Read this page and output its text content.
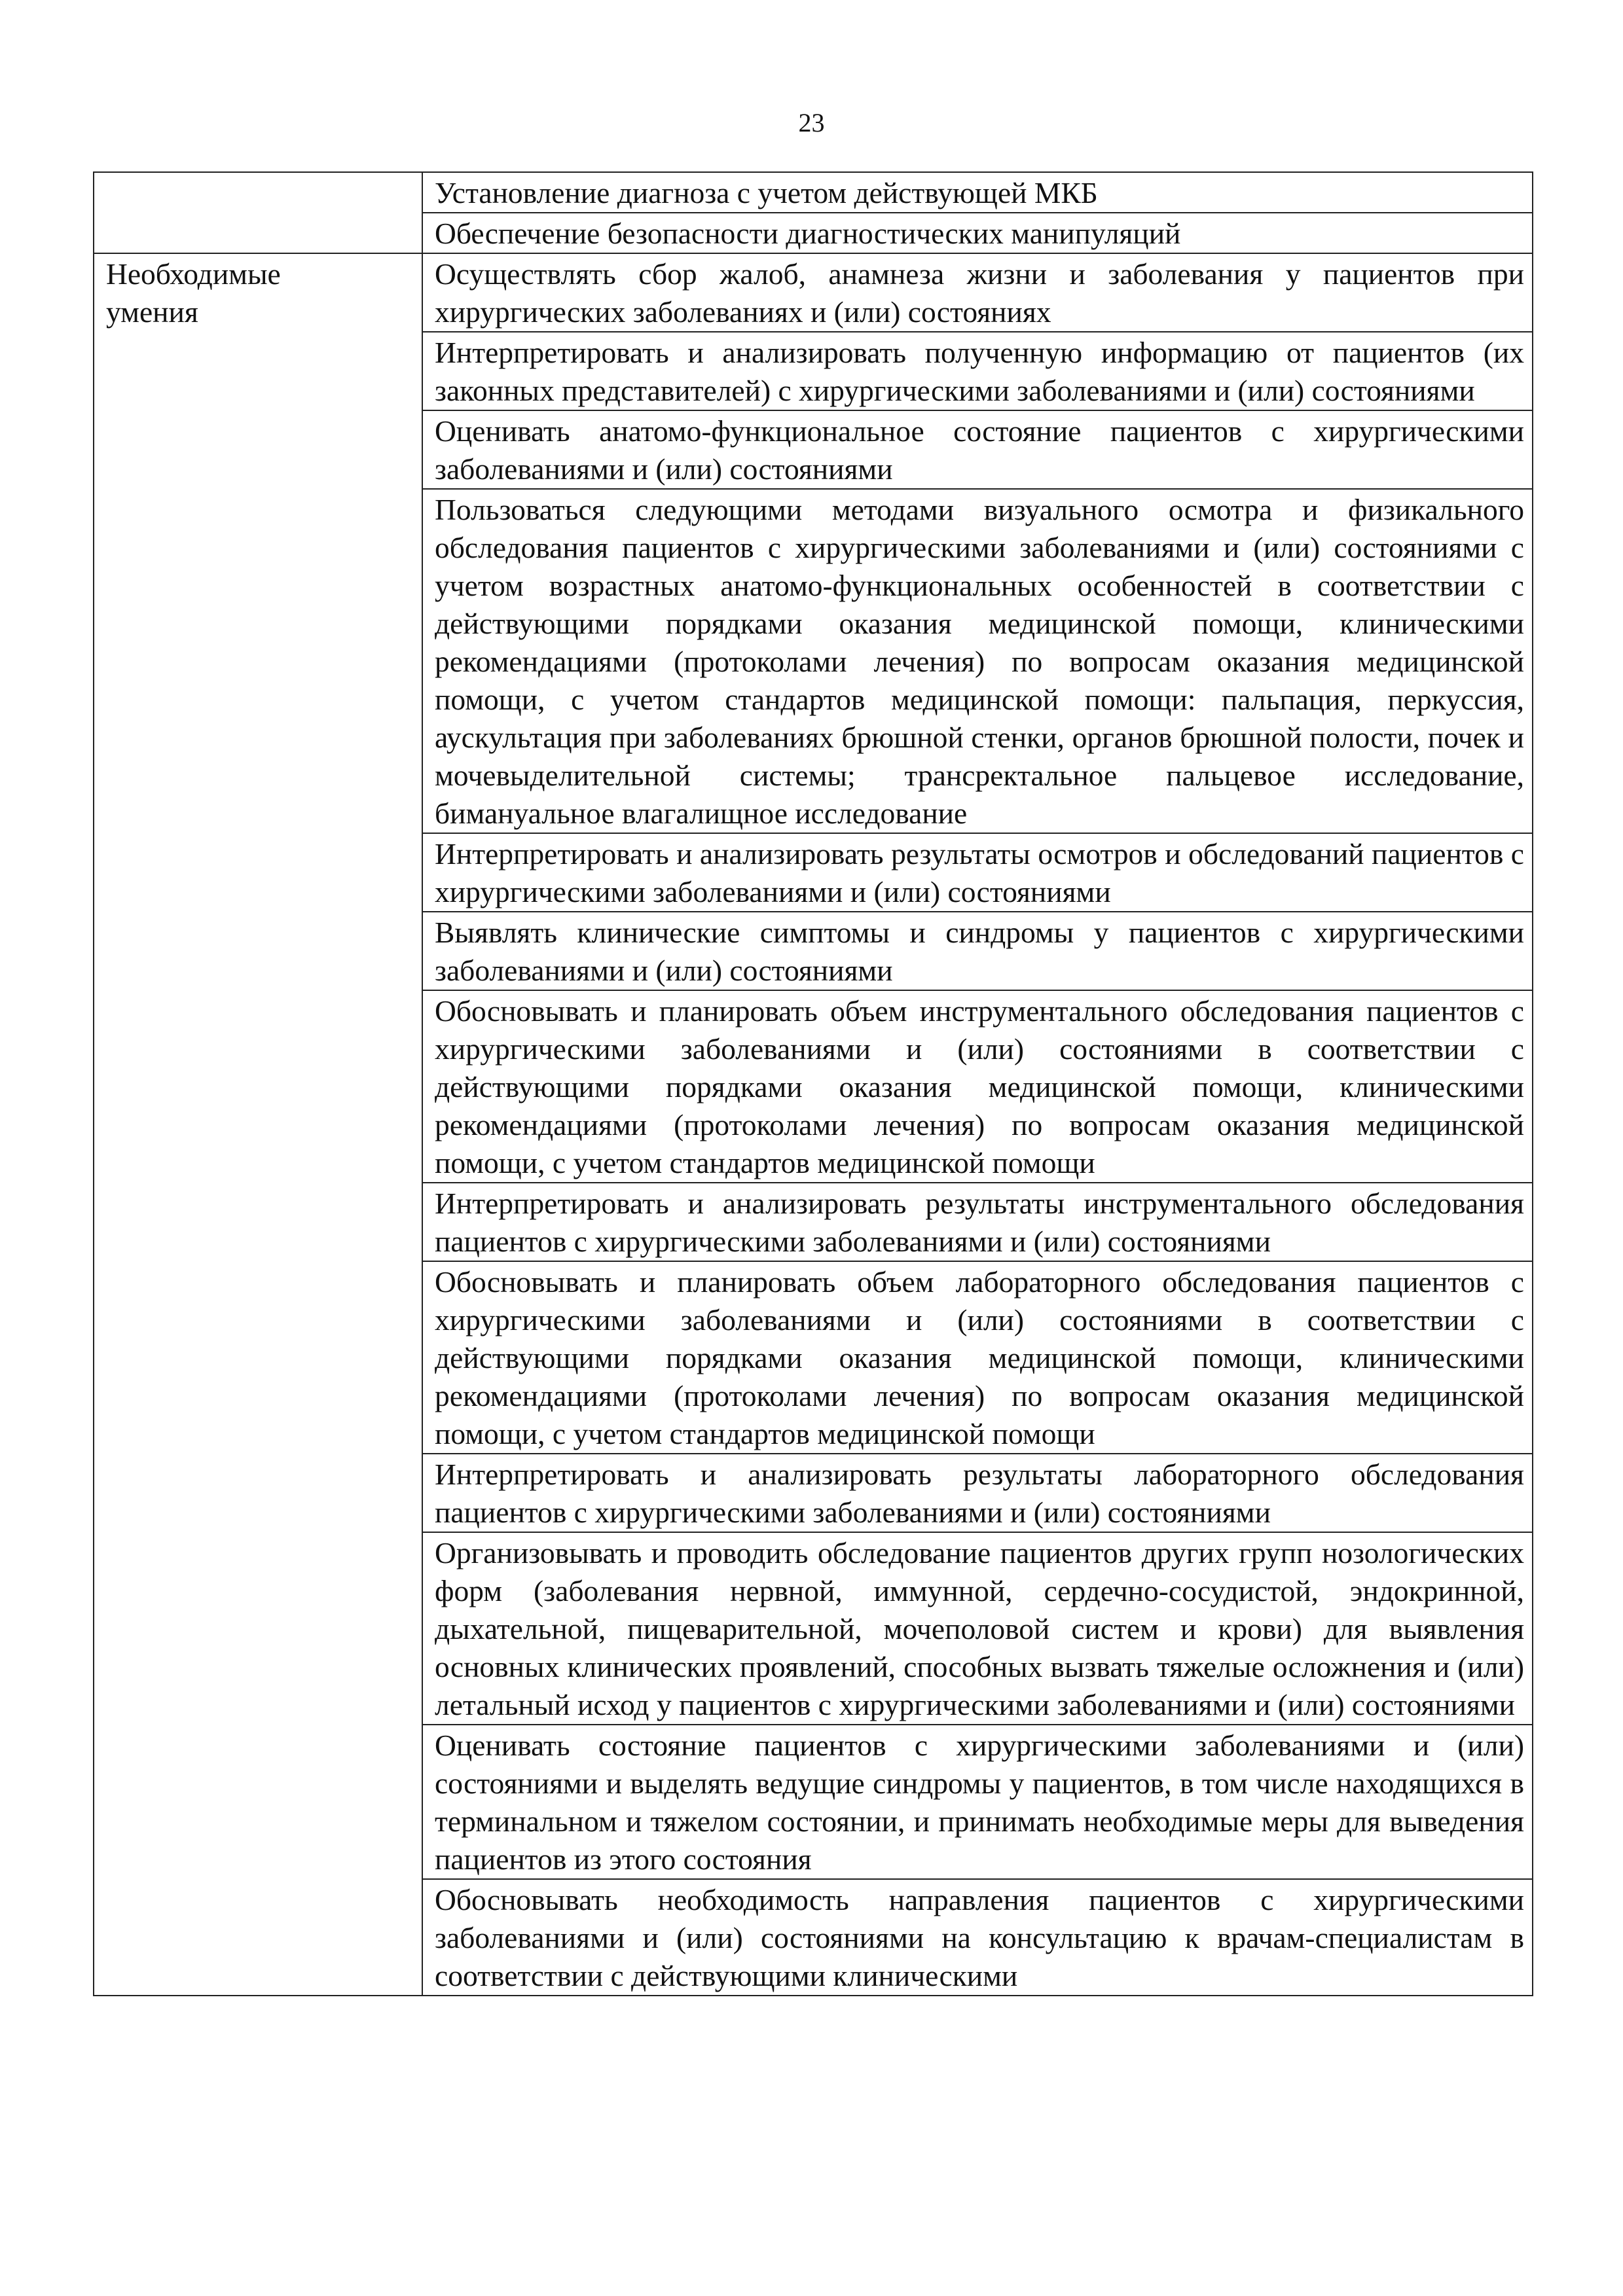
23
	Установление диагноза с учетом действующей МКБ
	Обеспечение безопасности диагностических манипуляций

Необходимые
умения	Осуществлять сбор жалоб, анамнеза жизни и заболевания у пациентов при хирургических заболеваниях и (или) состояниях
	Интерпретировать и анализировать полученную информацию от пациентов (их законных представителей) с хирургическими заболеваниями и (или) состояниями
	Оценивать анатомо-функциональное состояние пациентов с хирургическими заболеваниями и (или) состояниями
	Пользоваться следующими методами визуального осмотра и физикального обследования пациентов с хирургическими заболеваниями и (или) состояниями с учетом возрастных анатомо-функциональных особенностей в соответствии с действующими порядками оказания медицинской помощи, клиническими рекомендациями (протоколами лечения) по вопросам оказания медицинской помощи, с учетом стандартов медицинской помощи: пальпация, перкуссия, аускультация при заболеваниях брюшной стенки, органов брюшной полости, почек и мочевыделительной системы; трансректальное пальцевое исследование, бимануальное влагалищное исследование
	Интерпретировать и анализировать результаты осмотров и обследований пациентов с хирургическими заболеваниями и (или) состояниями
	Выявлять клинические симптомы и синдромы у пациентов с хирургическими заболеваниями и (или) состояниями
	Обосновывать и планировать объем инструментального обследования пациентов с хирургическими заболеваниями и (или) состояниями в соответствии с действующими порядками оказания медицинской помощи, клиническими рекомендациями (протоколами лечения) по вопросам оказания медицинской помощи, с учетом стандартов медицинской помощи
	Интерпретировать и анализировать результаты инструментального обследования пациентов с хирургическими заболеваниями и (или) состояниями
	Обосновывать и планировать объем лабораторного обследования пациентов с хирургическими заболеваниями и (или) состояниями в соответствии с действующими порядками оказания медицинской помощи, клиническими рекомендациями (протоколами лечения) по вопросам оказания медицинской помощи, с учетом стандартов медицинской помощи
	Интерпретировать и анализировать результаты лабораторного обследования пациентов с хирургическими заболеваниями и (или) состояниями
	Организовывать и проводить обследование пациентов других групп нозологических форм (заболевания нервной, иммунной, сердечно-сосудистой, эндокринной, дыхательной, пищеварительной, мочеполовой систем и крови) для выявления основных клинических проявлений, способных вызвать тяжелые осложнения и (или) летальный исход у пациентов с хирургическими заболеваниями и (или) состояниями
	Оценивать состояние пациентов с хирургическими заболеваниями и (или) состояниями и выделять ведущие синдромы у пациентов, в том числе находящихся в терминальном и тяжелом состоянии, и принимать необходимые меры для выведения пациентов из этого состояния
	Обосновывать необходимость направления пациентов с хирургическими заболеваниями и (или) состояниями на консультацию к врачам-специалистам в соответствии с действующими клиническими
